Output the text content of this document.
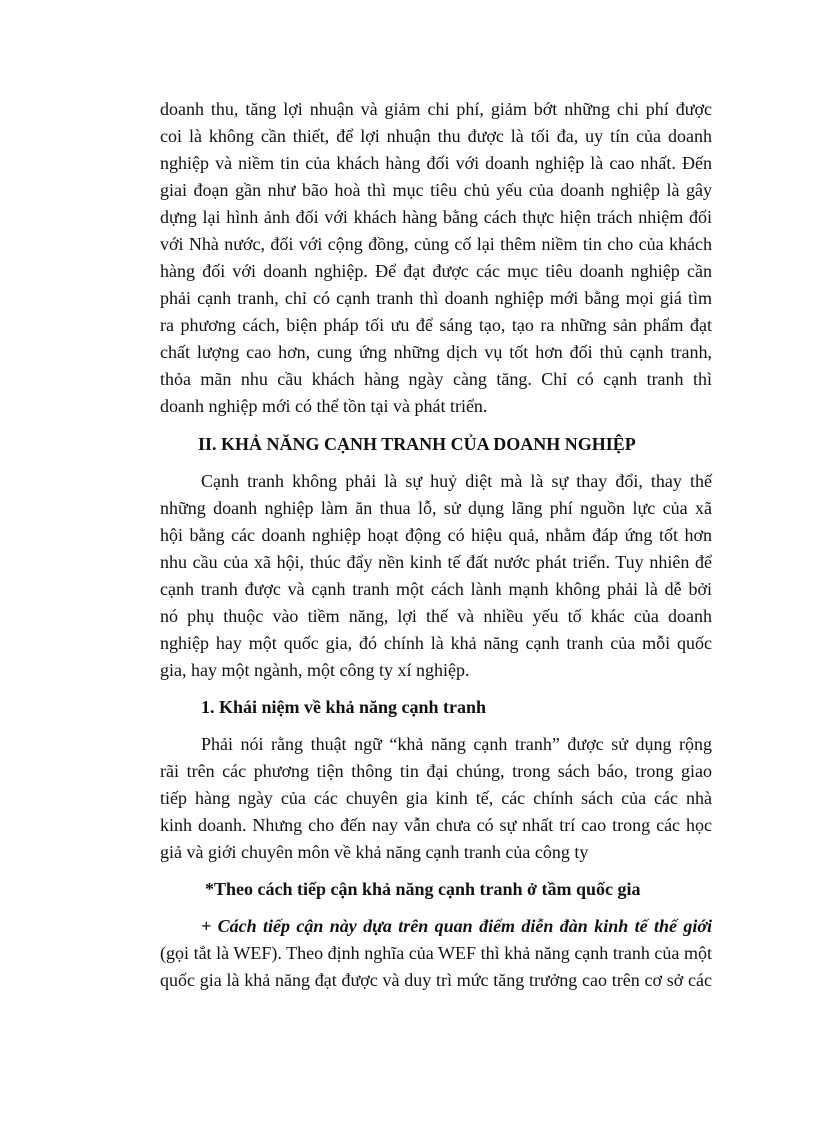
doanh thu, tăng lợi nhuận và giảm chi phí, giảm bớt những chi phí được
coi là không cần thiết, để lợi nhuận thu được là tối đa, uy tín của doanh
nghiệp và niềm tin của khách hàng đối với doanh nghiệp là cao nhất. Đến
giai đoạn gần như bão hoà thì mục tiêu chủ yếu của doanh nghiệp là gây
dựng lại hình ảnh đối với khách hàng bằng cách thực hiện trách nhiệm đối
với Nhà nước, đối với cộng đồng, củng cố lại thêm niềm tin cho của khách
hàng đối với doanh nghiệp. Để đạt được các mục tiêu doanh nghiệp cần
phải cạnh tranh, chỉ có cạnh tranh thì doanh nghiệp mới bằng mọi giá tìm
ra phương cách, biện pháp tối ưu để sáng tạo, tạo ra những sản phẩm đạt
chất lượng cao hơn, cung ứng những dịch vụ tốt hơn đối thủ cạnh tranh,
thỏa mãn nhu cầu khách hàng ngày càng tăng. Chỉ có cạnh tranh thì
doanh nghiệp mới có thể tồn tại và phát triển.
II. KHẢ NĂNG CẠNH TRANH CỦA DOANH NGHIỆP
Cạnh tranh không phải là sự huỷ diệt mà là sự thay đổi, thay thế
những doanh nghiệp làm ăn thua lỗ, sử dụng lãng phí nguồn lực của xã
hội bằng các doanh nghiệp hoạt động có hiệu quả, nhằm đáp ứng tốt hơn
nhu cầu của xã hội, thúc đẩy nền kinh tế đất nước phát triển. Tuy nhiên để
cạnh tranh được và cạnh tranh một cách lành mạnh không phải là dễ bởi
nó phụ thuộc vào tiềm năng, lợi thế và nhiều yếu tố khác của doanh
nghiệp hay một quốc gia, đó chính là khả năng cạnh tranh của mỗi quốc
gia, hay một ngành, một công ty xí nghiệp.
1. Khái niệm về khả năng cạnh tranh
Phải nói rằng thuật ngữ “khả năng cạnh tranh” được sử dụng rộng
rãi trên các phương tiện thông tin đại chúng, trong sách báo, trong giao
tiếp hàng ngày của các chuyên gia kinh tế, các chính sách của các nhà
kinh doanh. Nhưng cho đến nay vẫn chưa có sự nhất trí cao trong các học
giả và giới chuyên môn về khả năng cạnh tranh của công ty
*Theo cách tiếp cận khả năng cạnh tranh ở tầm quốc gia
+ Cách tiếp cận này dựa trên quan điểm diễn đàn kinh tế thế giới
(gọi tắt là WEF). Theo định nghĩa của WEF thì khả năng cạnh tranh của một
quốc gia là khả năng đạt được và duy trì mức tăng trưởng cao trên cơ sở các
